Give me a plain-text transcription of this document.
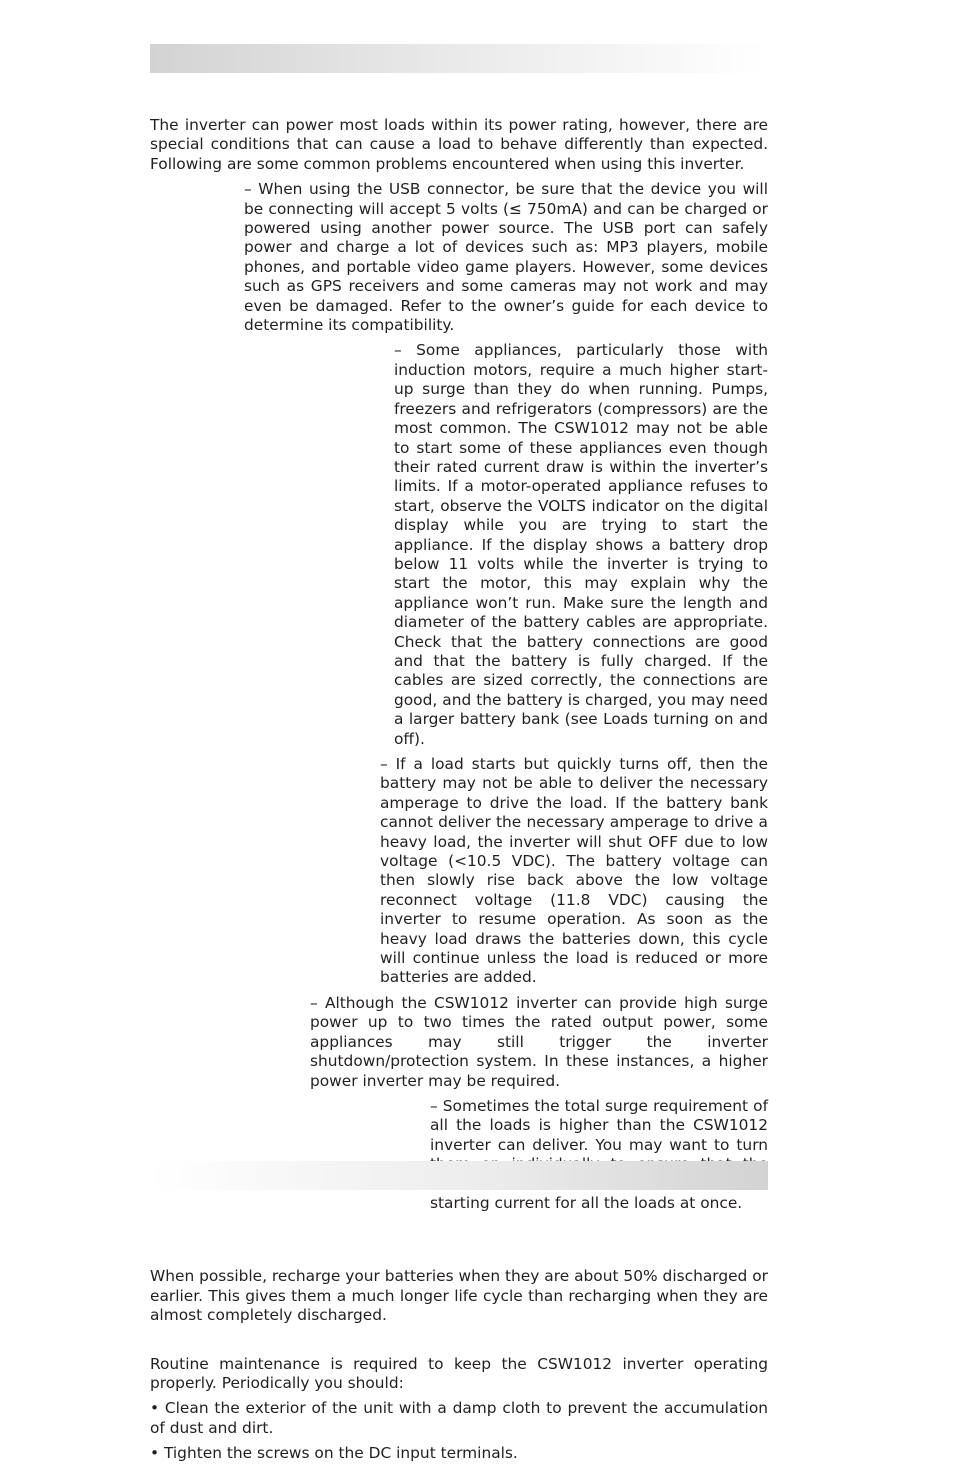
The inverter can power most loads within its power rating, however, there are special conditions that can cause a load to behave differently than expected. Following are some common problems encountered when using this inverter.

– When using the USB connector, be sure that the device you will be connecting will accept 5 volts (≤ 750mA) and can be charged or powered using another power source. The USB port can safely power and charge a lot of devices such as: MP3 players, mobile phones, and portable video game players. However, some devices such as GPS receivers and some cameras may not work and may even be damaged. Refer to the owner’s guide for each device to determine its compatibility.

– Some appliances, particularly those with induction motors, require a much higher start-up surge than they do when running. Pumps, freezers and refrigerators (compressors) are the most common. The CSW1012 may not be able to start some of these appliances even though their rated current draw is within the inverter’s limits. If a motor-operated appliance refuses to start, observe the VOLTS indicator on the digital display while you are trying to start the appliance. If the display shows a battery drop below 11 volts while the inverter is trying to start the motor, this may explain why the appliance won’t run. Make sure the length and diameter of the battery cables are appropriate. Check that the battery connections are good and that the battery is fully charged. If the cables are sized correctly, the connections are good, and the battery is charged, you may need a larger battery bank (see Loads turning on and off).

– If a load starts but quickly turns off, then the battery may not be able to deliver the necessary amperage to drive the load. If the battery bank cannot deliver the necessary amperage to drive a heavy load, the inverter will shut OFF due to low voltage (<10.5 VDC). The battery voltage can then slowly rise back above the low voltage reconnect voltage (11.8 VDC) causing the inverter to resume operation. As soon as the heavy load draws the batteries down, this cycle will continue unless the load is reduced or more batteries are added.

– Although the CSW1012 inverter can provide high surge power up to two times the rated output power, some appliances may still trigger the inverter shutdown/protection system. In these instances, a higher power inverter may be required.

– Sometimes the total surge requirement of all the loads is higher than the CSW1012 inverter can deliver. You may want to turn starting current for all the loads at once.

When possible, recharge your batteries when they are about 50% discharged or earlier. This gives them a much longer life cycle than recharging when they are almost completely discharged.

Routine maintenance is required to keep the CSW1012 inverter operating properly. Periodically you should:

• Clean the exterior of the unit with a damp cloth to prevent the accumulation of dust and dirt.

• Tighten the screws on the DC input terminals.
